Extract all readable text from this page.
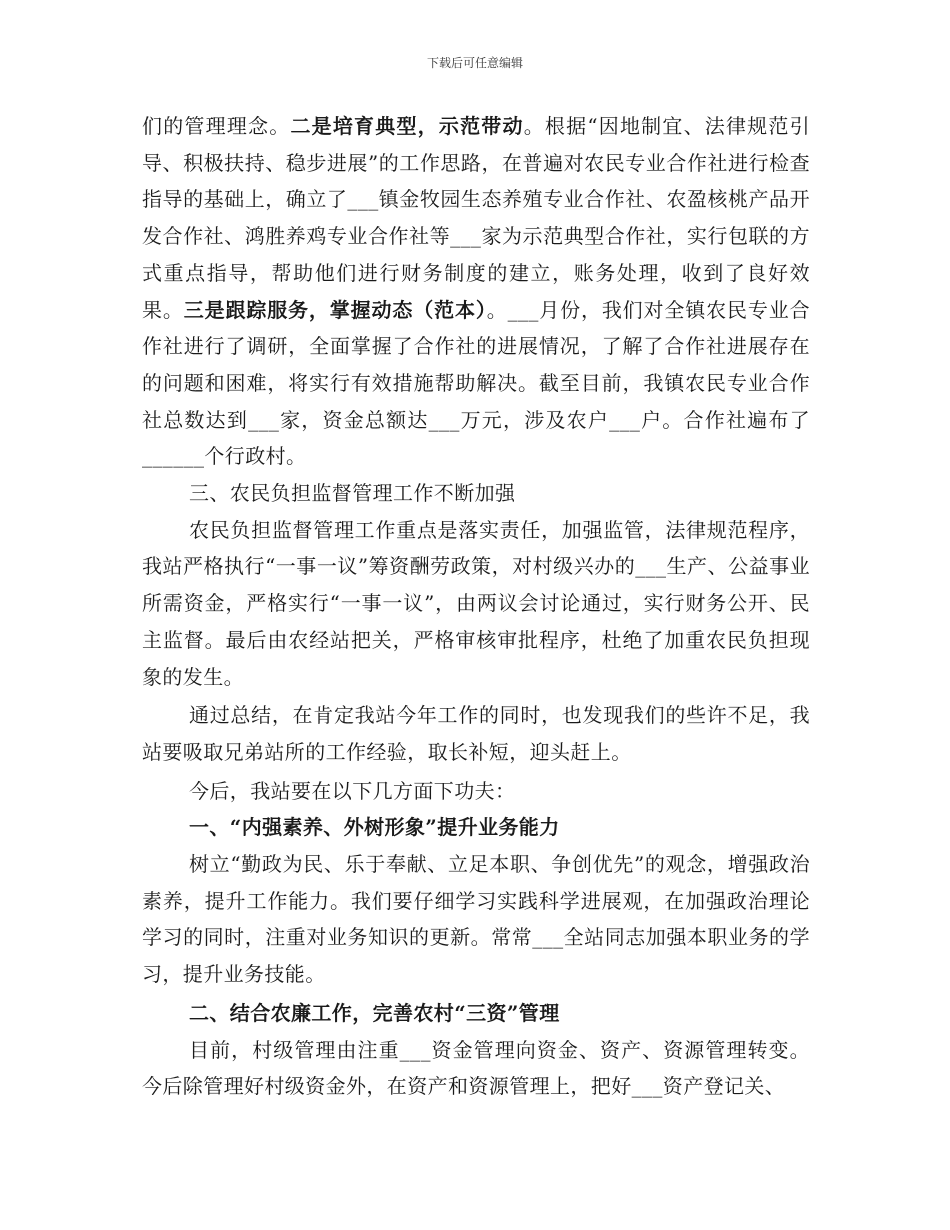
下载后可任意编辑

们的管理理念。二是培育典型，示范带动。根据“因地制宜、法律规范引导、积极扶持、稳步进展”的工作思路，在普遍对农民专业合作社进行检查指导的基础上，确立了___镇金牧园生态养殖专业合作社、农盈核桃产品开发合作社、鸿胜养鸡专业合作社等___家为示范典型合作社，实行包联的方式重点指导，帮助他们进行财务制度的建立，账务处理，收到了良好效果。三是跟踪服务，掌握动态（范本）。___月份，我们对全镇农民专业合作社进行了调研，全面掌握了合作社的进展情况，了解了合作社进展存在的问题和困难，将实行有效措施帮助解决。截至目前，我镇农民专业合作社总数达到___家，资金总额达___万元，涉及农户___户。合作社遍布了______个行政村。

三、农民负担监督管理工作不断加强

农民负担监督管理工作重点是落实责任，加强监管，法律规范程序，我站严格执行“一事一议”筹资酬劳政策，对村级兴办的___生产、公益事业所需资金，严格实行“一事一议”，由两议会讨论通过，实行财务公开、民主监督。最后由农经站把关，严格审核审批程序，杜绝了加重农民负担现象的发生。

通过总结，在肯定我站今年工作的同时，也发现我们的些许不足，我站要吸取兄弟站所的工作经验，取长补短，迎头赶上。

今后，我站要在以下几方面下功夫：

一、“内强素养、外树形象”提升业务能力

树立“勤政为民、乐于奉献、立足本职、争创优先”的观念，增强政治素养，提升工作能力。我们要仔细学习实践科学进展观，在加强政治理论学习的同时，注重对业务知识的更新。常常___全站同志加强本职业务的学习，提升业务技能。

二、结合农廉工作，完善农村“三资”管理

目前，村级管理由注重___资金管理向资金、资产、资源管理转变。今后除管理好村级资金外，在资产和资源管理上，把好___资产登记关、
